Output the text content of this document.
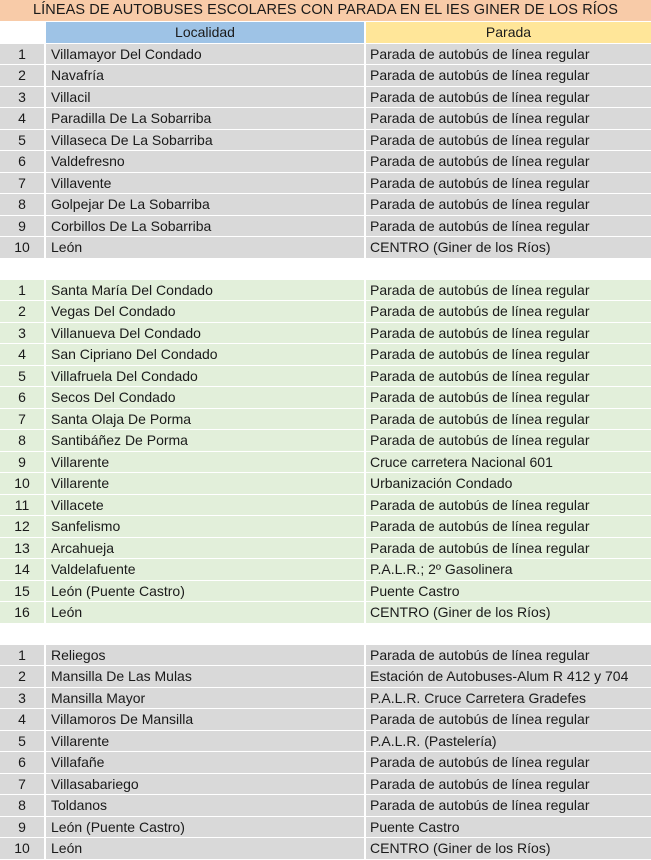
LÍNEAS DE AUTOBUSES ESCOLARES CON PARADA EN EL IES GINER DE LOS RÍOS
Localidad	Parada
1	Villamayor Del Condado	Parada de autobús de línea regular
2	Navafría	Parada de autobús de línea regular
3	Villacil	Parada de autobús de línea regular
4	Paradilla De La Sobarriba	Parada de autobús de línea regular
5	Villaseca De La Sobarriba	Parada de autobús de línea regular
6	Valdefresno	Parada de autobús de línea regular
7	Villavente	Parada de autobús de línea regular
8	Golpejar De La Sobarriba	Parada de autobús de línea regular
9	Corbillos De La Sobarriba	Parada de autobús de línea regular
10	León	CENTRO (Giner de los Ríos)
1	Santa María Del Condado	Parada de autobús de línea regular
2	Vegas Del Condado	Parada de autobús de línea regular
3	Villanueva Del Condado	Parada de autobús de línea regular
4	San Cipriano Del Condado	Parada de autobús de línea regular
5	Villafruela Del Condado	Parada de autobús de línea regular
6	Secos Del Condado	Parada de autobús de línea regular
7	Santa Olaja De Porma	Parada de autobús de línea regular
8	Santibáñez De Porma	Parada de autobús de línea regular
9	Villarente	Cruce carretera Nacional 601
10	Villarente	Urbanización Condado
11	Villacete	Parada de autobús de línea regular
12	Sanfelismo	Parada de autobús de línea regular
13	Arcahueja	Parada de autobús de línea regular
14	Valdelafuente	P.A.L.R.; 2º Gasolinera
15	León (Puente Castro)	Puente Castro
16	León	CENTRO (Giner de los Ríos)
1	Reliegos	Parada de autobús de línea regular
2	Mansilla De Las Mulas	Estación de Autobuses-Alum R 412 y 704
3	Mansilla Mayor	P.A.L.R. Cruce Carretera Gradefes
4	Villamoros De Mansilla	Parada de autobús de línea regular
5	Villarente	P.A.L.R. (Pastelería)
6	Villafañe	Parada de autobús de línea regular
7	Villasabariego	Parada de autobús de línea regular
8	Toldanos	Parada de autobús de línea regular
9	León (Puente Castro)	Puente Castro
10	León	CENTRO (Giner de los Ríos)
